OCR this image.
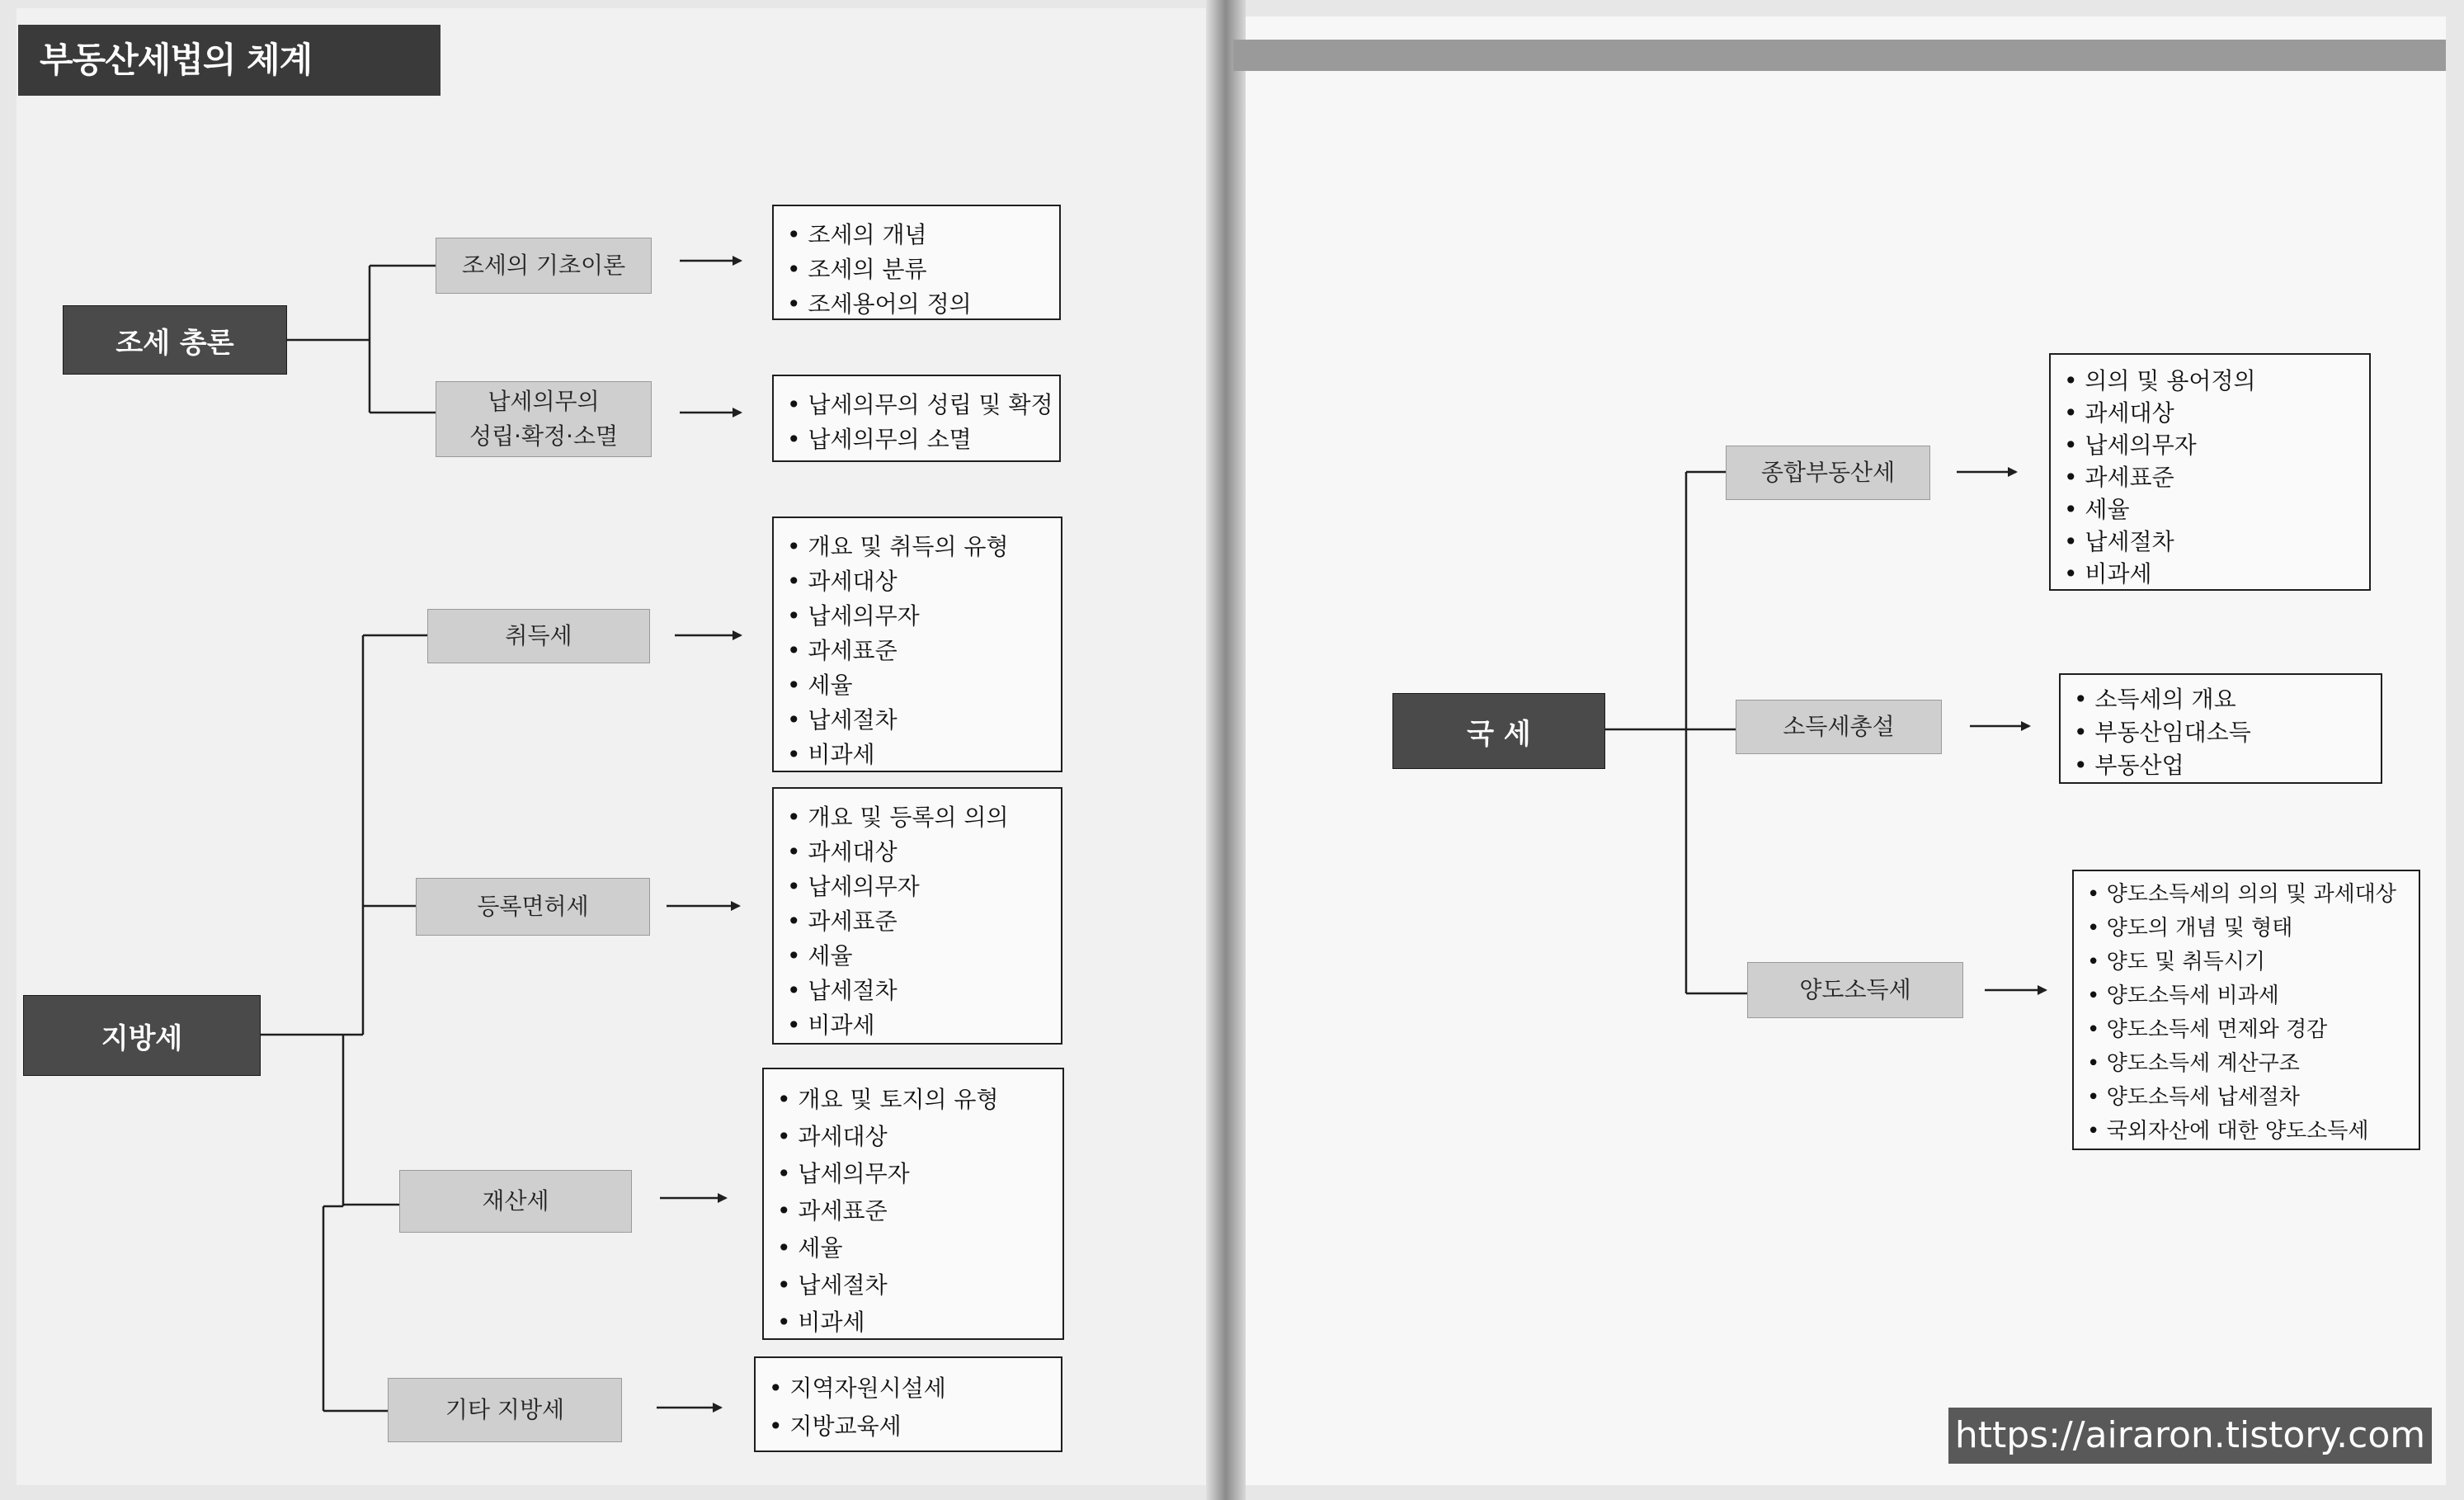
부동산세법의 체계
조세 총론
지방세
국 세
조세의 기초이론
납세의무의
성립·확정·소멸
취득세
등록면허세
재산세
기타 지방세
종합부동산세
소득세총설
양도소득세
• 조세의 개념
• 조세의 분류
• 조세용어의 정의
• 납세의무의 성립 및 확정
• 납세의무의 소멸
• 개요 및 취득의 유형
• 과세대상
• 납세의무자
• 과세표준
• 세율
• 납세절차
• 비과세
• 개요 및 등록의 의의
• 과세대상
• 납세의무자
• 과세표준
• 세율
• 납세절차
• 비과세
• 개요 및 토지의 유형
• 과세대상
• 납세의무자
• 과세표준
• 세율
• 납세절차
• 비과세
• 지역자원시설세
• 지방교육세
• 의의 및 용어정의
• 과세대상
• 납세의무자
• 과세표준
• 세율
• 납세절차
• 비과세
• 소득세의 개요
• 부동산임대소득
• 부동산업
• 양도소득세의 의의 및 과세대상
• 양도의 개념 및 형태
• 양도 및 취득시기
• 양도소득세 비과세
• 양도소득세 면제와 경감
• 양도소득세 계산구조
• 양도소득세 납세절차
• 국외자산에 대한 양도소득세
https://airaron.tistory.com
